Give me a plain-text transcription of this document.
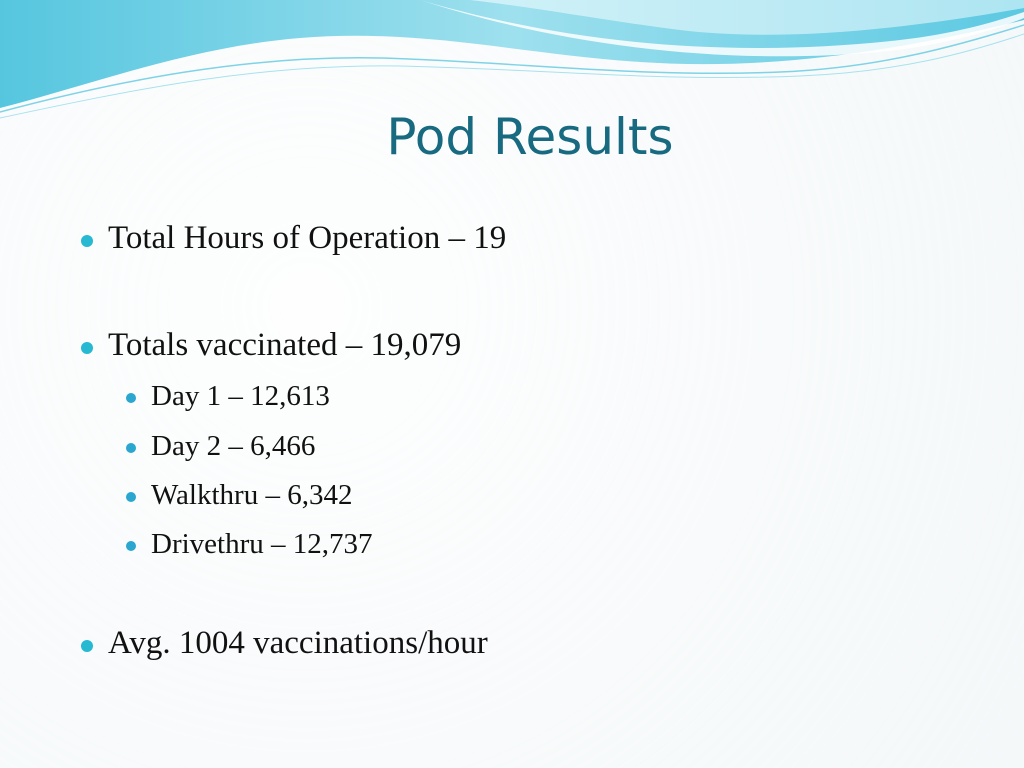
Pod Results
Total Hours of Operation – 19
Totals vaccinated – 19,079
Day 1 – 12,613
Day 2 – 6,466
Walkthru – 6,342
Drivethru – 12,737
Avg. 1004 vaccinations/hour
